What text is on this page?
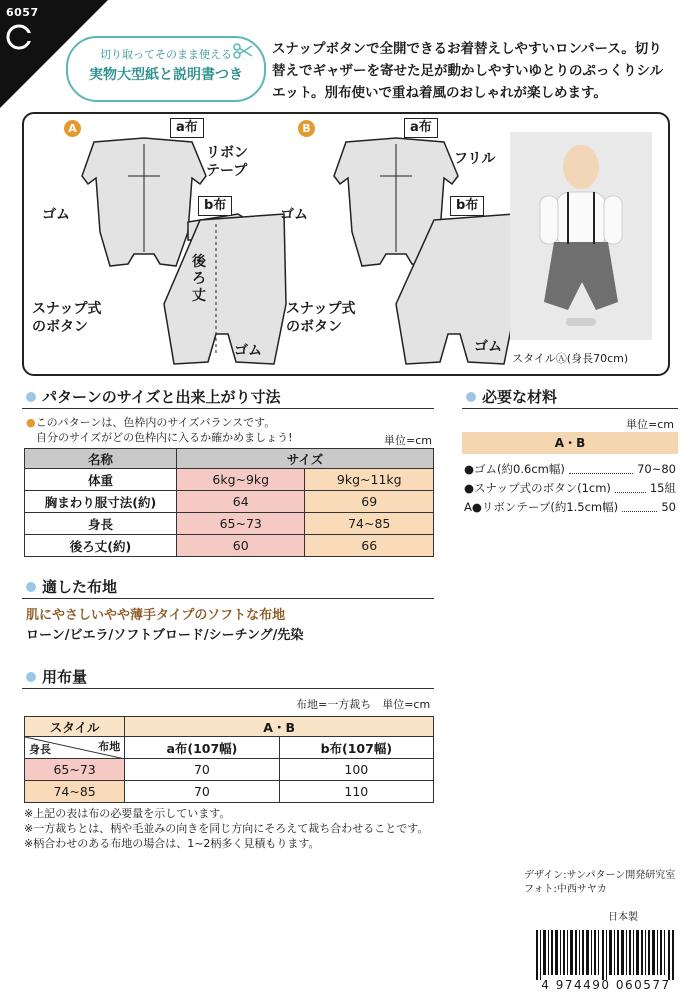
6057
切り取ってそのまま使える
実物大型紙と説明書つき
スナップボタンで全開できるお着替えしやすいロンパース。切り
替えでギャザーを寄せた足が動かしやすいゆとりのぷっくりシル
エット。別布使いで重ね着風のおしゃれが楽しめます。
A	B
a布	a布
b布	b布
リボン
テープ
フリル
ゴム	ゴム
ゴム	ゴム
スナップ式
のボタン
スナップ式
のボタン
後ろ丈
スタイルⒶ(身長70cm)
パターンのサイズと出来上がり寸法
●このパターンは、色枠内のサイズバランスです。
自分のサイズがどの色枠内に入るか確かめましょう!	単位=cm
名称	サイズ	
体重	6kg~9kg	9kg~11kg
胸まわり服寸法(約)	64	69
身長	65~73	74~85
後ろ丈(約)	60	66
必要な材料
単位=cm
A・B
● ゴム(約0.6cm幅)	70~80
● スナップ式のボタン(1cm)	15組
A● リボンテープ(約1.5cm幅)	50
適した布地
肌にやさしいやや薄手タイプのソフトな布地
ローン/ビエラ/ソフトブロード/シーチング/先染
用布量
布地=一方裁ち　単位=cm
スタイル	A・B	

身長 布地	a布(107幅)	b布(107幅)
65~73	70	100
74~85	70	110
※上記の表は布の必要量を示しています。
※一方裁ちとは、柄や毛並みの向きを同じ方向にそろえて裁ち合わせることです。
※柄合わせのある布地の場合は、1~2柄多く見積もります。
デザイン:サンパターン開発研究室
フォト:中西サヤカ
日本製
4 974490 060577
